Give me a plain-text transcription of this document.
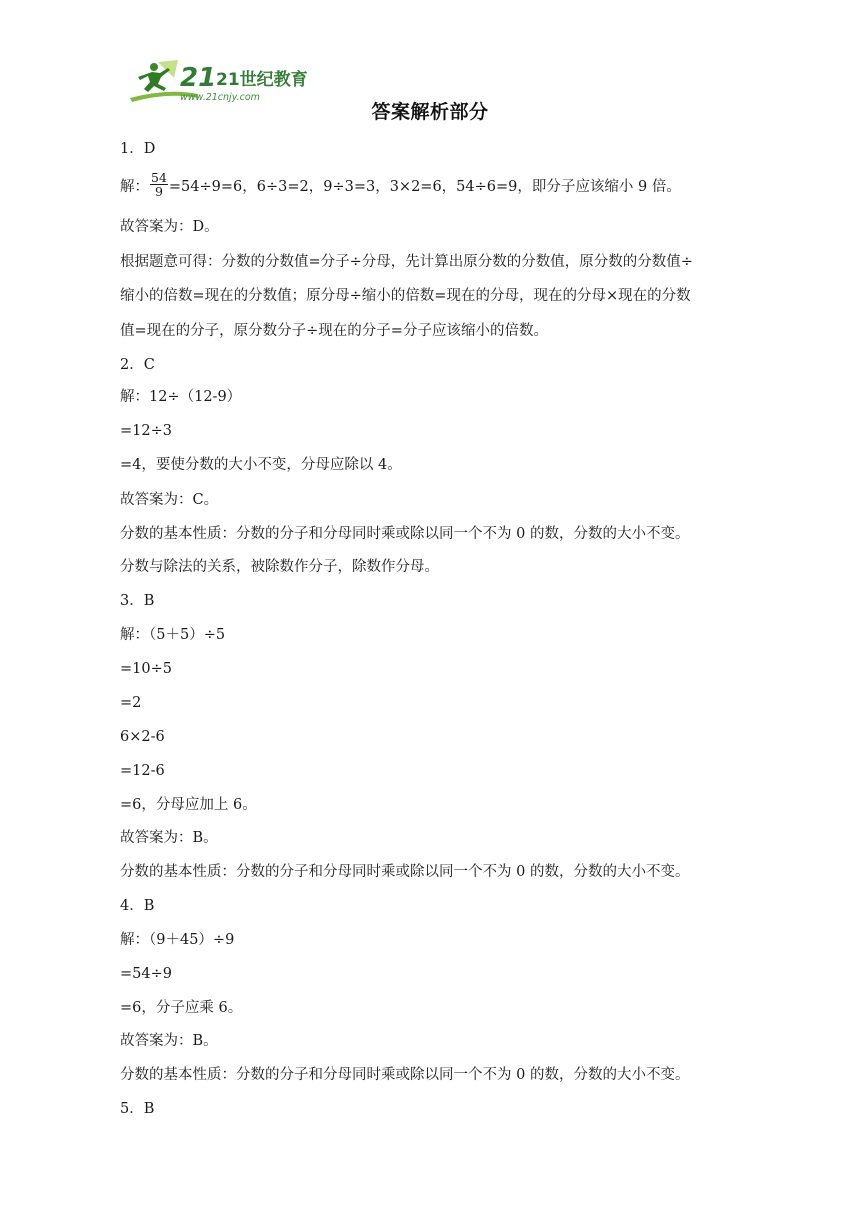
21 21世纪教育
www.21cnjy.com
答案解析部分
1．D
解： $\frac{54}{9} =54\div 9=6$，6÷3=2，9÷3=3，3×2=6，54÷6=9，即分子应该缩小 9 倍。
故答案为：D。
根据题意可得：分数的分数值=分子÷分母，先计算出原分数的分数值，原分数的分数值÷
缩小的倍数=现在的分数值；原分母÷缩小的倍数=现在的分母，现在的分母×现在的分数
值=现在的分子，原分数分子÷现在的分子=分子应该缩小的倍数。
2．C
解：12÷（12-9）
=12÷3
=4，要使分数的大小不变，分母应除以 4。
故答案为：C。
分数的基本性质：分数的分子和分母同时乘或除以同一个不为 0 的数，分数的大小不变。
分数与除法的关系，被除数作分子，除数作分母。
3．B
解：（5＋5）÷5
=10÷5
=2
6×2-6
=12-6
=6，分母应加上 6。
故答案为：B。
分数的基本性质：分数的分子和分母同时乘或除以同一个不为 0 的数，分数的大小不变。
4．B
解：（9＋45）÷9
=54÷9
=6，分子应乘 6。
故答案为：B。
分数的基本性质：分数的分子和分母同时乘或除以同一个不为 0 的数，分数的大小不变。
5．B
